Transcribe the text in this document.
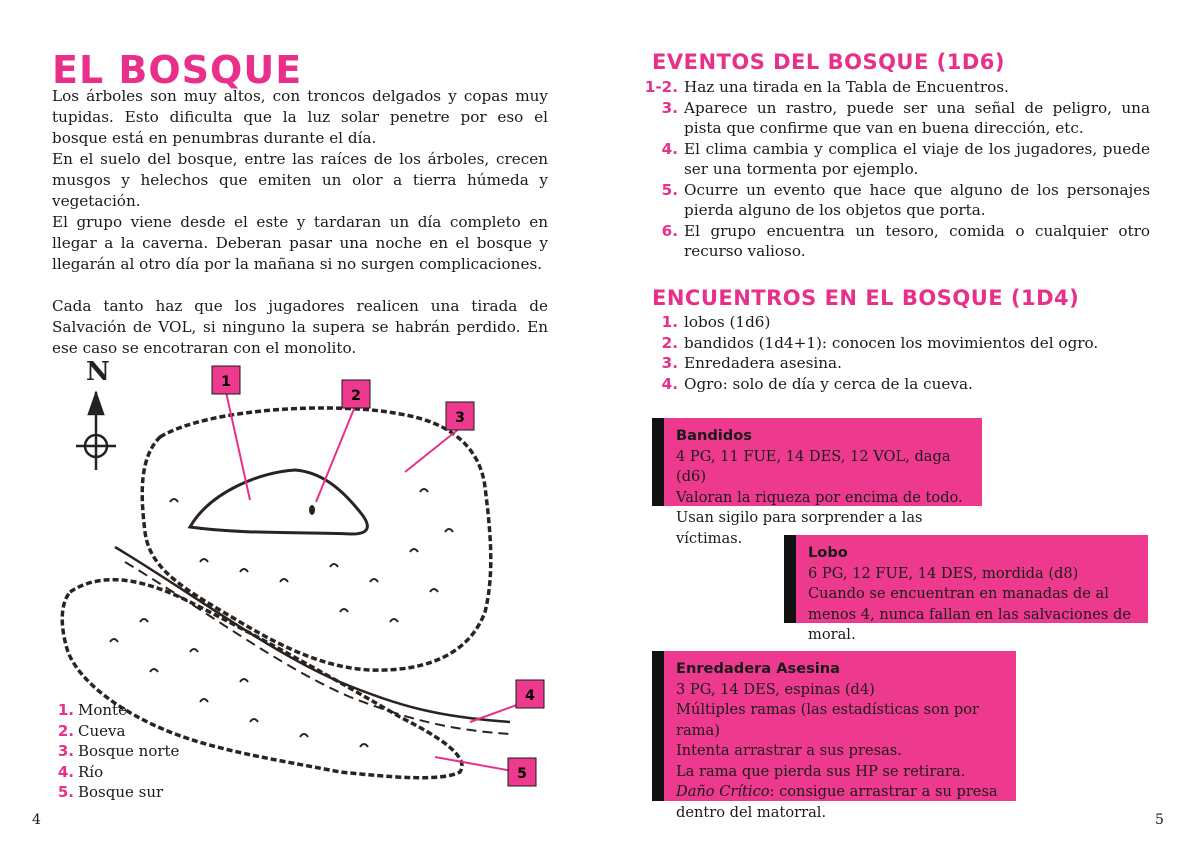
EL BOSQUE

Los árboles son muy altos, con troncos delgados y copas muy tupidas. Esto dificulta que la luz solar penetre por eso el bosque está en penumbras durante el día.

En el suelo del bosque, entre las raíces de los árboles, crecen musgos y helechos que emiten un olor a tierra húmeda y vegetación.

El grupo viene desde el este y tardaran un día completo en llegar a la caverna. Deberan pasar una noche en el bosque y llegarán al otro día por la mañana si no surgen complicaciones.

Cada tanto haz que los jugadores realicen una tirada de Salvación de VOL, si ninguno la supera se habrán perdido. En ese caso se encotraran con el monolito.

N	1
2
3
4
5
1. Monte
2. Cueva
3. Bosque norte
4. Río
5. Bosque sur
4
EVENTOS DEL BOSQUE (1D6)
1-2. Haz una tirada en la Tabla de Encuentros.
3. Aparece un rastro, puede ser una señal de peligro, una pista que confirme que van en buena dirección, etc.
4. El clima cambia y complica el viaje de los jugadores, puede ser una tormenta por ejemplo.
5. Ocurre un evento que hace que alguno de los personajes pierda alguno de los objetos que porta.
6. El grupo encuentra un tesoro, comida o cualquier otro recurso valioso.
ENCUENTROS EN EL BOSQUE (1D4)
1. lobos (1d6)
2. bandidos (1d4+1): conocen los movimientos del ogro.
3. Enredadera asesina.
4. Ogro: solo de día y cerca de la cueva.
Bandidos
4 PG, 11 FUE, 14 DES, 12 VOL, daga (d6)
Valoran la riqueza por encima de todo.
Usan sigilo para sorprender a las víctimas.
Lobo
6 PG, 12 FUE, 14 DES, mordida (d8)
Cuando se encuentran en manadas de al menos 4, nunca fallan en las salvaciones de moral.
Enredadera Asesina
3 PG, 14 DES, espinas (d4)
Múltiples ramas (las estadísticas son por rama)
Intenta arrastrar a sus presas.
La rama que pierda sus HP se retirara.
Daño Crítico: consigue arrastrar a su presa dentro del matorral.	5
